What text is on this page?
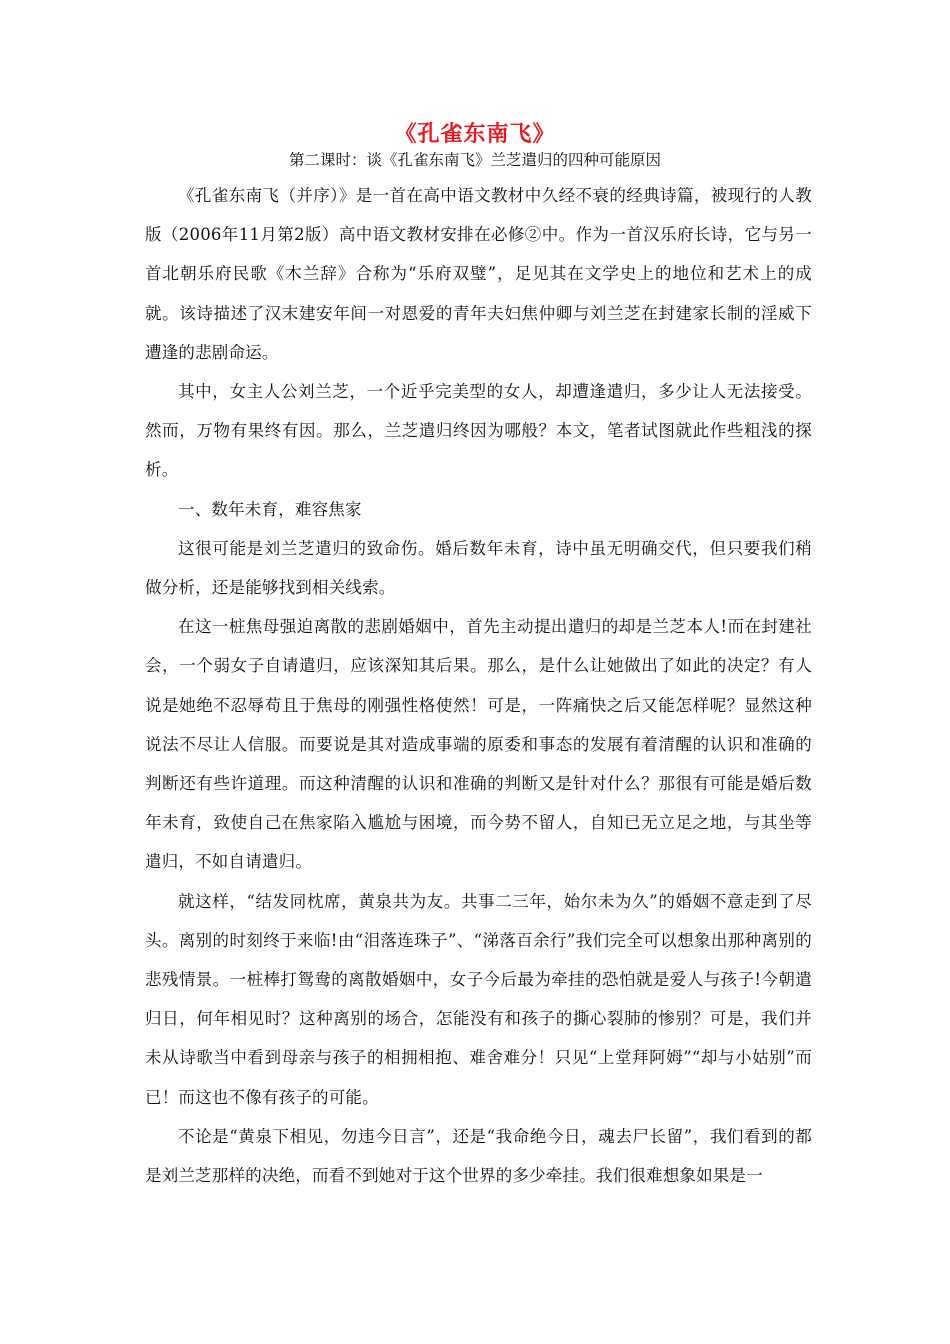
《孔雀东南飞》
第二课时：谈《孔雀东南飞》兰芝遣归的四种可能原因

《孔雀东南飞（并序）》是一首在高中语文教材中久经不衰的经典诗篇，被现行的人教版（2006年11月第2版）高中语文教材安排在必修②中。作为一首汉乐府长诗，它与另一首北朝乐府民歌《木兰辞》合称为“乐府双璧”，足见其在文学史上的地位和艺术上的成就。该诗描述了汉末建安年间一对恩爱的青年夫妇焦仲卿与刘兰芝在封建家长制的淫威下遭逢的悲剧命运。

其中，女主人公刘兰芝，一个近乎完美型的女人，却遭逢遣归，多少让人无法接受。然而，万物有果终有因。那么，兰芝遣归终因为哪般？本文，笔者试图就此作些粗浅的探析。

一、数年未育，难容焦家

这很可能是刘兰芝遣归的致命伤。婚后数年未育，诗中虽无明确交代，但只要我们稍做分析，还是能够找到相关线索。

在这一桩焦母强迫离散的悲剧婚姻中，首先主动提出遣归的却是兰芝本人!而在封建社会，一个弱女子自请遣归，应该深知其后果。那么，是什么让她做出了如此的决定？有人说是她绝不忍辱苟且于焦母的刚强性格使然！可是，一阵痛快之后又能怎样呢？显然这种说法不尽让人信服。而要说是其对造成事端的原委和事态的发展有着清醒的认识和准确的判断还有些许道理。而这种清醒的认识和准确的判断又是针对什么？那很有可能是婚后数年未育，致使自己在焦家陷入尴尬与困境，而今势不留人，自知已无立足之地，与其坐等遣归，不如自请遣归。

就这样，“结发同枕席，黄泉共为友。共事二三年，始尔未为久”的婚姻不意走到了尽头。离别的时刻终于来临!由“泪落连珠子”、“涕落百余行”我们完全可以想象出那种离别的悲残情景。一桩棒打鸳鸯的离散婚姻中，女子今后最为牵挂的恐怕就是爱人与孩子!今朝遣归日，何年相见时？这种离别的场合，怎能没有和孩子的撕心裂肺的惨别？可是，我们并未从诗歌当中看到母亲与孩子的相拥相抱、难舍难分！只见“上堂拜阿姆”“却与小姑别”而已！而这也不像有孩子的可能。

不论是“黄泉下相见，勿违今日言”，还是“我命绝今日，魂去尸长留”，我们看到的都是刘兰芝那样的决绝，而看不到她对于这个世界的多少牵挂。我们很难想象如果是一
